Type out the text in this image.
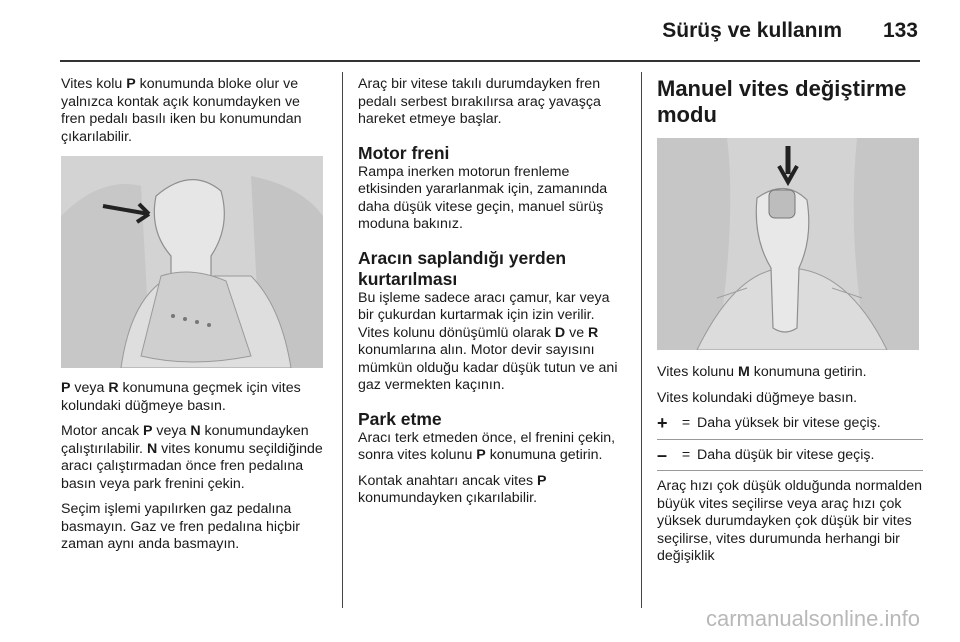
Sürüş ve kullanım 133

Vites kolu P konumunda bloke olur ve yalnızca kontak açık konumdayken ve fren pedalı basılı iken bu konumundan çıkarılabilir.

P veya R konumuna geçmek için vites kolundaki düğmeye basın.

Motor ancak P veya N konumundayken çalıştırılabilir. N vites konumu seçildiğinde aracı çalıştırmadan önce fren pedalına basın veya park frenini çekin.

Seçim işlemi yapılırken gaz pedalına basmayın. Gaz ve fren pedalına hiçbir zaman aynı anda basmayın.

Araç bir vitese takılı durumdayken fren pedalı serbest bırakılırsa araç yavaşça hareket etmeye başlar.

Motor freni

Rampa inerken motorun frenleme etkisinden yararlanmak için, zamanında daha düşük vitese geçin, manuel sürüş moduna bakınız.

Aracın saplandığı yerden kurtarılması

Bu işleme sadece aracı çamur, kar veya bir çukurdan kurtarmak için izin verilir. Vites kolunu dönüşümlü olarak D ve R konumlarına alın. Motor devir sayısını mümkün olduğu kadar düşük tutun ve ani gaz vermekten kaçının.

Park etme

Aracı terk etmeden önce, el frenini çekin, sonra vites kolunu P konumuna getirin.

Kontak anahtarı ancak vites P konumundayken çıkarılabilir.

Manuel vites değiştirme modu

Vites kolunu M konumuna getirin.

Vites kolundaki düğmeye basın.

+	= Daha yüksek bir vitese geçiş.
–	= Daha düşük bir vitese geçiş.

Araç hızı çok düşük olduğunda normalden büyük vites seçilirse veya araç hızı çok yüksek durumdayken çok düşük bir vites seçilirse, vites durumunda herhangi bir değişiklik

carmanualsonline.info
